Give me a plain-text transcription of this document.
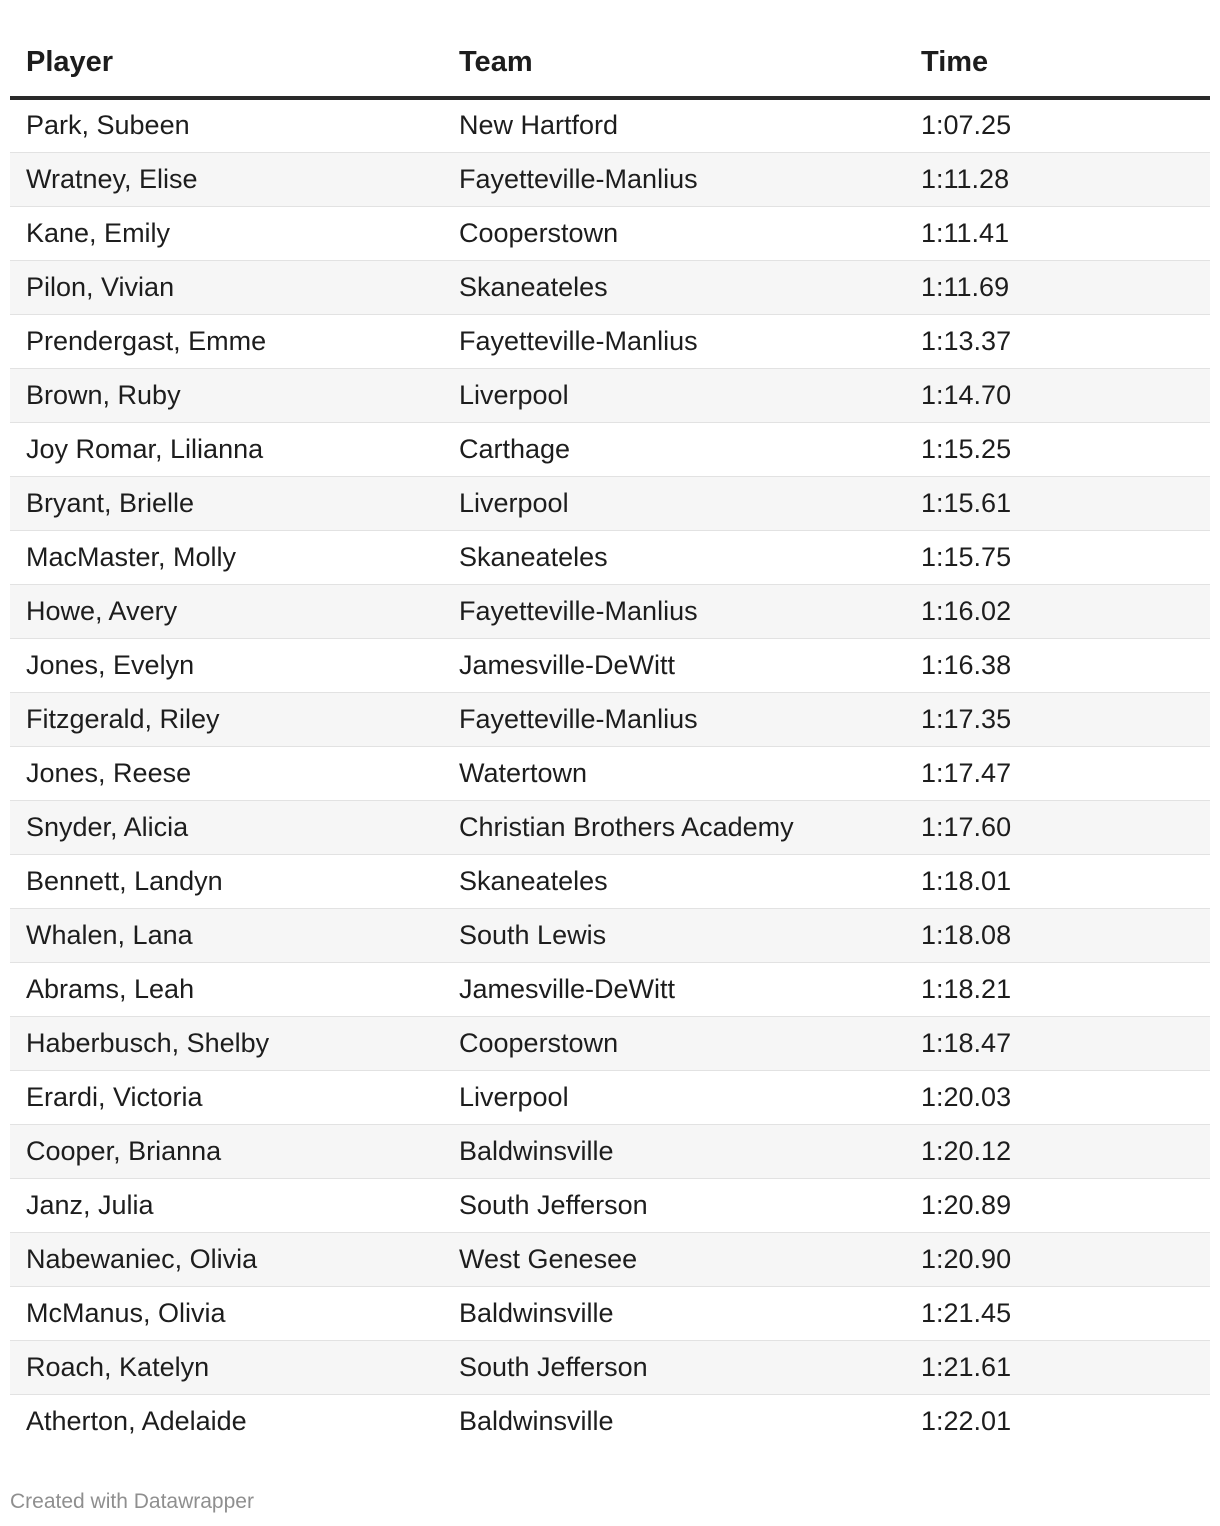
Player	Team	Time
Park, Subeen	New Hartford	1:07.25
Wratney, Elise	Fayetteville-Manlius	1:11.28
Kane, Emily	Cooperstown	1:11.41
Pilon, Vivian	Skaneateles	1:11.69
Prendergast, Emme	Fayetteville-Manlius	1:13.37
Brown, Ruby	Liverpool	1:14.70
Joy Romar, Lilianna	Carthage	1:15.25
Bryant, Brielle	Liverpool	1:15.61
MacMaster, Molly	Skaneateles	1:15.75
Howe, Avery	Fayetteville-Manlius	1:16.02
Jones, Evelyn	Jamesville-DeWitt	1:16.38
Fitzgerald, Riley	Fayetteville-Manlius	1:17.35
Jones, Reese	Watertown	1:17.47
Snyder, Alicia	Christian Brothers Academy	1:17.60
Bennett, Landyn	Skaneateles	1:18.01
Whalen, Lana	South Lewis	1:18.08
Abrams, Leah	Jamesville-DeWitt	1:18.21
Haberbusch, Shelby	Cooperstown	1:18.47
Erardi, Victoria	Liverpool	1:20.03
Cooper, Brianna	Baldwinsville	1:20.12
Janz, Julia	South Jefferson	1:20.89
Nabewaniec, Olivia	West Genesee	1:20.90
McManus, Olivia	Baldwinsville	1:21.45
Roach, Katelyn	South Jefferson	1:21.61
Atherton, Adelaide	Baldwinsville	1:22.01
Created with Datawrapper
